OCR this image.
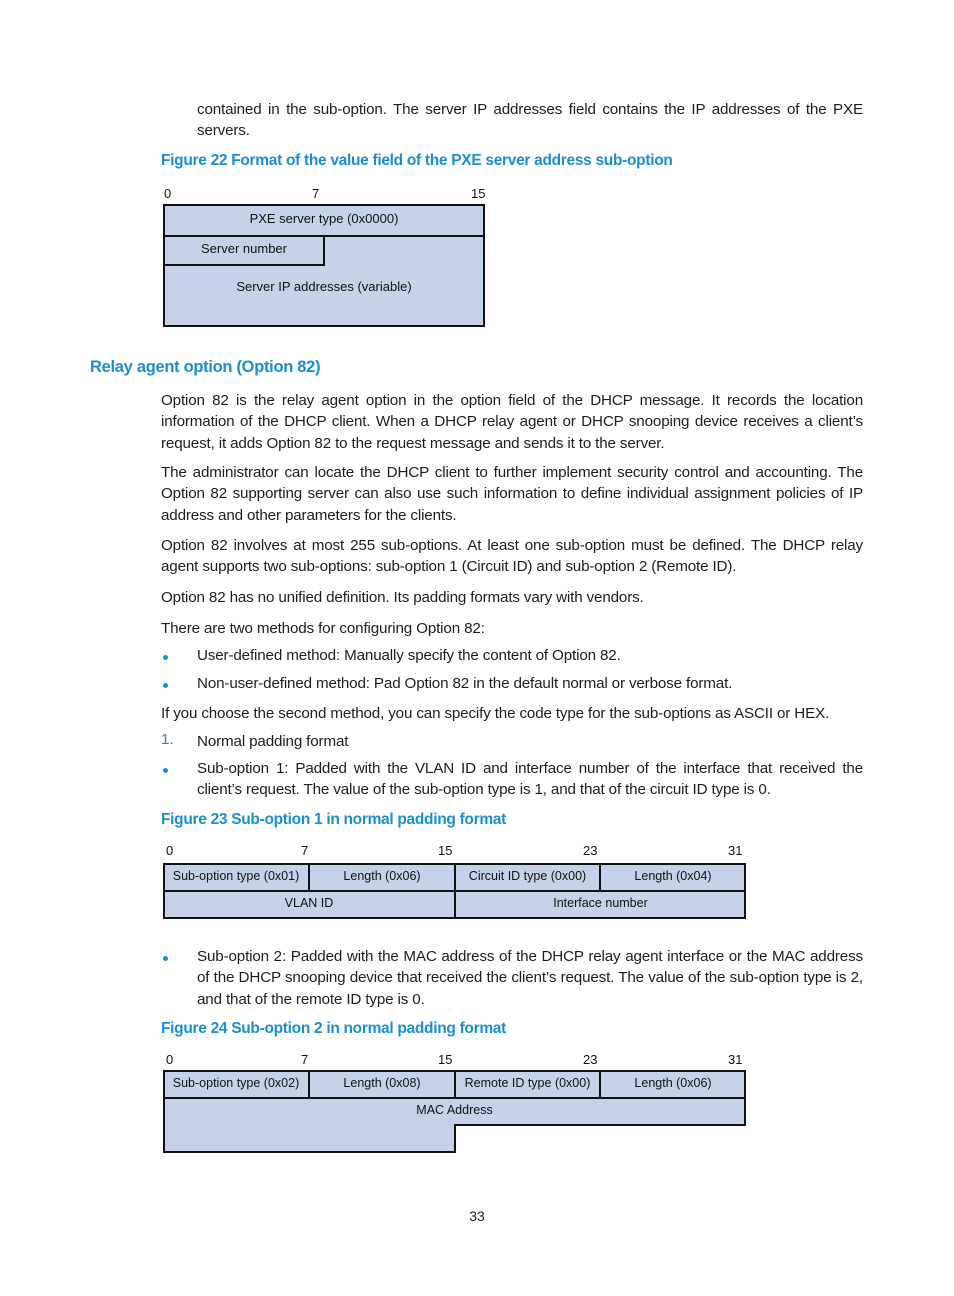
contained in the sub-option. The server IP addresses field contains the IP addresses of the PXE servers.
Figure 22 Format of the value field of the PXE server address sub-option
0	7	15
PXE server type (0x0000)
Server number
Server IP addresses (variable)
Relay agent option (Option 82)
Option 82 is the relay agent option in the option field of the DHCP message. It records the location information of the DHCP client. When a DHCP relay agent or DHCP snooping device receives a client’s request, it adds Option 82 to the request message and sends it to the server.
The administrator can locate the DHCP client to further implement security control and accounting. The Option 82 supporting server can also use such information to define individual assignment policies of IP address and other parameters for the clients.
Option 82 involves at most 255 sub-options. At least one sub-option must be defined. The DHCP relay agent supports two sub-options: sub-option 1 (Circuit ID) and sub-option 2 (Remote ID).
Option 82 has no unified definition. Its padding formats vary with vendors.
There are two methods for configuring Option 82:
User-defined method: Manually specify the content of Option 82.
Non-user-defined method: Pad Option 82 in the default normal or verbose format.
If you choose the second method, you can specify the code type for the sub-options as ASCII or HEX.
1. Normal padding format
Sub-option 1: Padded with the VLAN ID and interface number of the interface that received the client’s request. The value of the sub-option type is 1, and that of the circuit ID type is 0.
Figure 23 Sub-option 1 in normal padding format
0	7	15	23	31
Sub-option type (0x01)	Length (0x06)	Circuit ID type (0x00)	Length (0x04)
VLAN ID	Interface number
Sub-option 2: Padded with the MAC address of the DHCP relay agent interface or the MAC address of the DHCP snooping device that received the client’s request. The value of the sub-option type is 2, and that of the remote ID type is 0.
Figure 24 Sub-option 2 in normal padding format
0	7	15	23	31
Sub-option type (0x02)	Length (0x08)	Remote ID type (0x00)	Length (0x06)
MAC Address
33
